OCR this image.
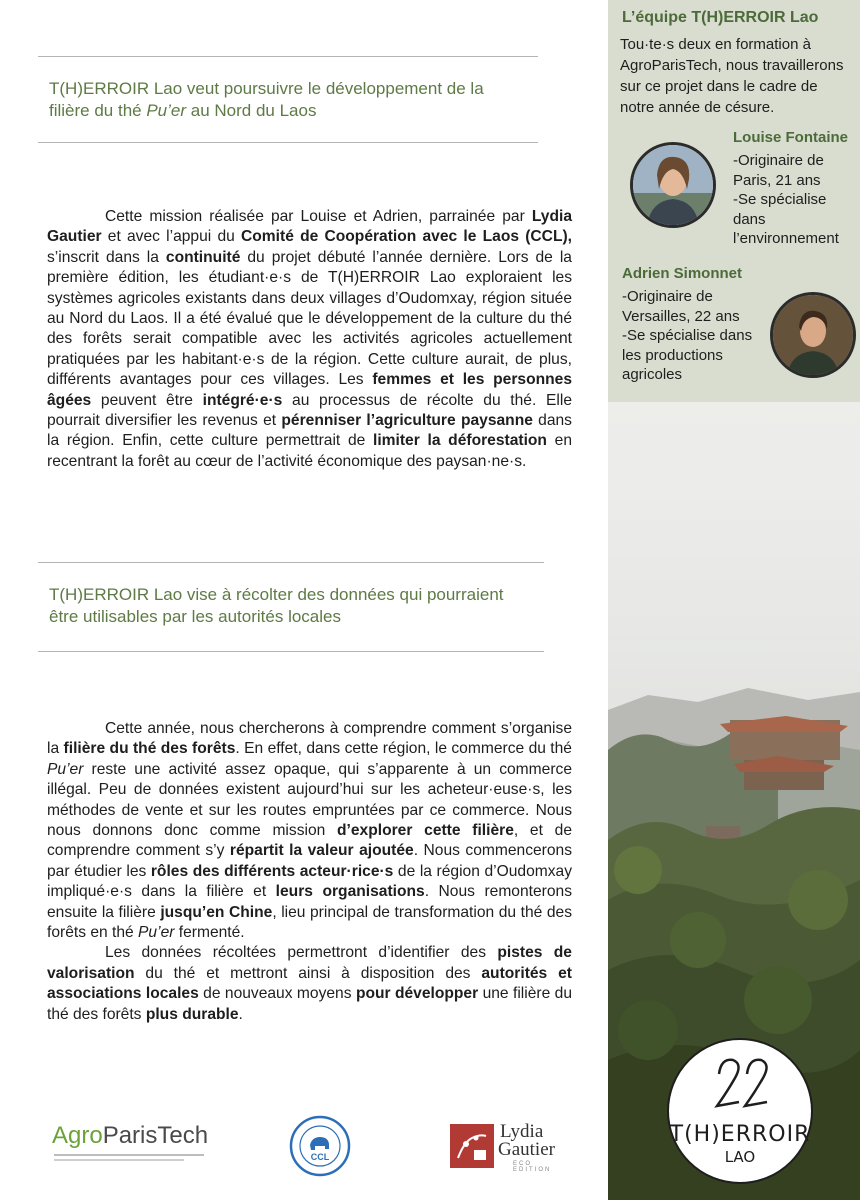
L’équipe T(H)ERROIR Lao
Tou·te·s deux en formation à AgroParisTech, nous travaillerons sur ce projet dans le cadre de notre année de césure.
Louise Fontaine
-Originaire de
Paris, 21 ans
-Se spécialise
dans
l’environnement
Adrien Simonnet
-Originaire de
Versailles, 22 ans
-Se spécialise dans
les productions
agricoles
T(H)ERROIR
LAO
T(H)ERROIR Lao veut poursuivre le développement de la filière du thé Pu’er au Nord du Laos

Cette mission réalisée par Louise et Adrien, parrainée par Lydia Gautier et avec l’appui du Comité de Coopération avec le Laos (CCL), s’inscrit dans la continuité du projet débuté l’année dernière. Lors de la première édition, les étudiant·e·s de T(H)ERROIR Lao exploraient les systèmes agricoles existants dans deux villages d’Oudomxay, région située au Nord du Laos. Il a été évalué que le développement de la culture du thé des forêts serait compatible avec les activités agricoles actuellement pratiquées par les habitant·e·s de la région. Cette culture aurait, de plus, différents avantages pour ces villages. Les femmes et les personnes âgées peuvent être intégré·e·s au processus de récolte du thé. Elle pourrait diversifier les revenus et pérenniser l’agriculture paysanne dans la région. Enfin, cette culture permettrait de limiter la déforestation en recentrant la forêt au cœur de l’activité économique des paysan·ne·s.

T(H)ERROIR Lao vise à récolter des données qui pourraient être utilisables par les autorités locales

Cette année, nous chercherons à comprendre comment s’organise la filière du thé des forêts. En effet, dans cette région, le commerce du thé Pu’er reste une activité assez opaque, qui s’apparente à un commerce illégal. Peu de données existent aujourd’hui sur les acheteur·euse·s, les méthodes de vente et sur les routes empruntées par ce commerce. Nous nous donnons donc comme mission d’explorer cette filière, et de comprendre comment s’y répartit la valeur ajoutée. Nous commencerons par étudier les rôles des différents acteur·rice·s de la région d’Oudomxay impliqué·e·s dans la filière et leurs organisations. Nous remonterons ensuite la filière jusqu’en Chine, lieu principal de transformation du thé des forêts en thé Pu’er fermenté.

Les données récoltées permettront d’identifier des pistes de valorisation du thé et mettront ainsi à disposition des autorités et associations locales de nouveaux moyens pour développer une filière du thé des forêts plus durable.

AgroParisTech
CCL
Lydia
Gautier
ECO EDITION
